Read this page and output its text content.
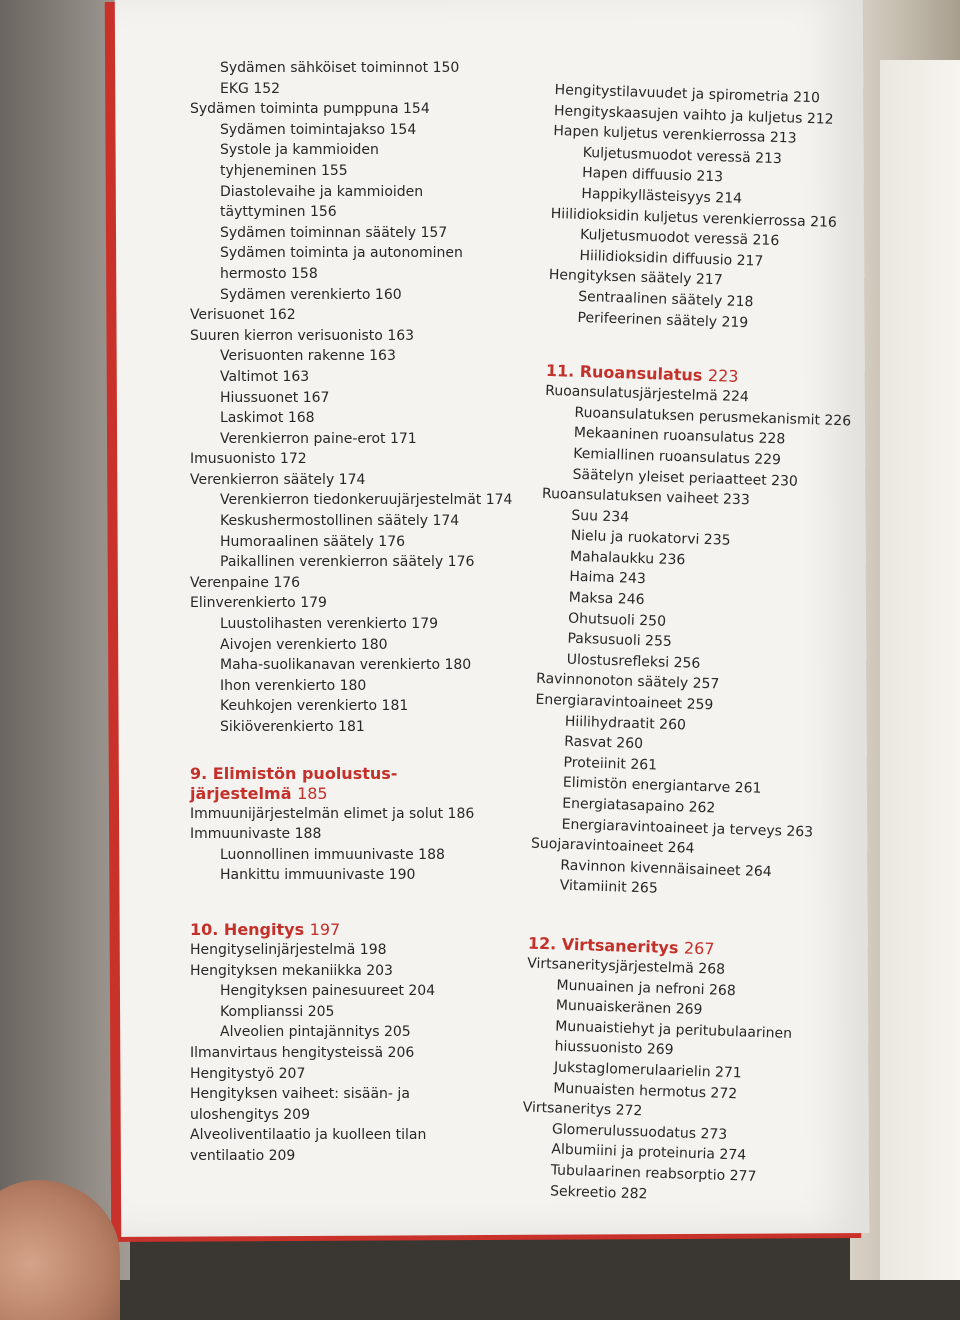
Sydämen sähköiset toiminnot 150
EKG 152
Sydämen toiminta pumppuna 154
Sydämen toimintajakso 154
Systole ja kammioiden
tyhjeneminen 155
Diastolevaihe ja kammioiden
täyttyminen 156
Sydämen toiminnan säätely 157
Sydämen toiminta ja autonominen
hermosto 158
Sydämen verenkierto 160
Verisuonet 162
Suuren kierron verisuonisto 163
Verisuonten rakenne 163
Valtimot 163
Hiussuonet 167
Laskimot 168
Verenkierron paine-erot 171
Imusuonisto 172
Verenkierron säätely 174
Verenkierron tiedonkeruujärjestelmät 174
Keskushermostollinen säätely 174
Humoraalinen säätely 176
Paikallinen verenkierron säätely 176
Verenpaine 176
Elinverenkierto 179
Luustolihasten verenkierto 179
Aivojen verenkierto 180
Maha-suolikanavan verenkierto 180
Ihon verenkierto 180
Keuhkojen verenkierto 181
Sikiöverenkierto 181
9. Elimistön puolustus-
järjestelmä 185
Immuunijärjestelmän elimet ja solut 186
Immuunivaste 188
Luonnollinen immuunivaste 188
Hankittu immuunivaste 190
10. Hengitys 197
Hengityselinjärjestelmä 198
Hengityksen mekaniikka 203
Hengityksen painesuureet 204
Komplianssi 205
Alveolien pintajännitys 205
Ilmanvirtaus hengitysteissä 206
Hengitystyö 207
Hengityksen vaiheet: sisään- ja
uloshengitys 209
Alveoliventilaatio ja kuolleen tilan
ventilaatio 209
Hengitystilavuudet ja spirometria 210
Hengityskaasujen vaihto ja kuljetus 212
Hapen kuljetus verenkierrossa 213
Kuljetusmuodot veressä 213
Hapen diffuusio 213
Happikyllästeisyys 214
Hiilidioksidin kuljetus verenkierrossa 216
Kuljetusmuodot veressä 216
Hiilidioksidin diffuusio 217
Hengityksen säätely 217
Sentraalinen säätely 218
Perifeerinen säätely 219
11. Ruoansulatus 223
Ruoansulatusjärjestelmä 224
Ruoansulatuksen perusmekanismit 226
Mekaaninen ruoansulatus 228
Kemiallinen ruoansulatus 229
Säätelyn yleiset periaatteet 230
Ruoansulatuksen vaiheet 233
Suu 234
Nielu ja ruokatorvi 235
Mahalaukku 236
Haima 243
Maksa 246
Ohutsuoli 250
Paksusuoli 255
Ulostusrefleksi 256
Ravinnonoton säätely 257
Energiaravintoaineet 259
Hiilihydraatit 260
Rasvat 260
Proteiinit 261
Elimistön energiantarve 261
Energiatasapaino 262
Energiaravintoaineet ja terveys 263
Suojaravintoaineet 264
Ravinnon kivennäisaineet 264
Vitamiinit 265
12. Virtsaneritys 267
Virtsaneritysjärjestelmä 268
Munuainen ja nefroni 268
Munuaiskeränen 269
Munuaistiehyt ja peritubulaarinen
hiussuonisto 269
Jukstaglomerulaarielin 271
Munuaisten hermotus 272
Virtsaneritys 272
Glomerulussuodatus 273
Albumiini ja proteinuria 274
Tubulaarinen reabsorptio 277
Sekreetio 282
